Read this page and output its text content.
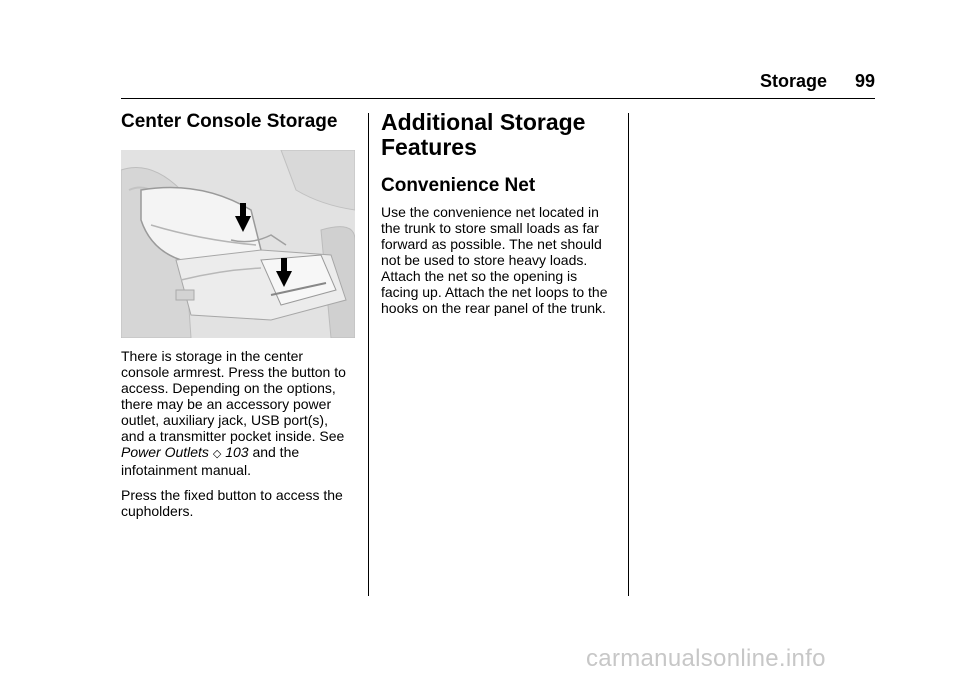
Storage 99
Center Console Storage

There is storage in the center console armrest. Press the button to access. Depending on the options, there may be an accessory power outlet, auxiliary jack, USB port(s), and a transmitter pocket inside. See Power Outlets ◇ 103 and the infotainment manual.

Press the fixed button to access the cupholders.

Additional Storage
Features
Convenience Net

Use the convenience net located in the trunk to store small loads as far forward as possible. The net should not be used to store heavy loads. Attach the net so the opening is facing up. Attach the net loops to the hooks on the rear panel of the trunk.

carmanualsonline.info
